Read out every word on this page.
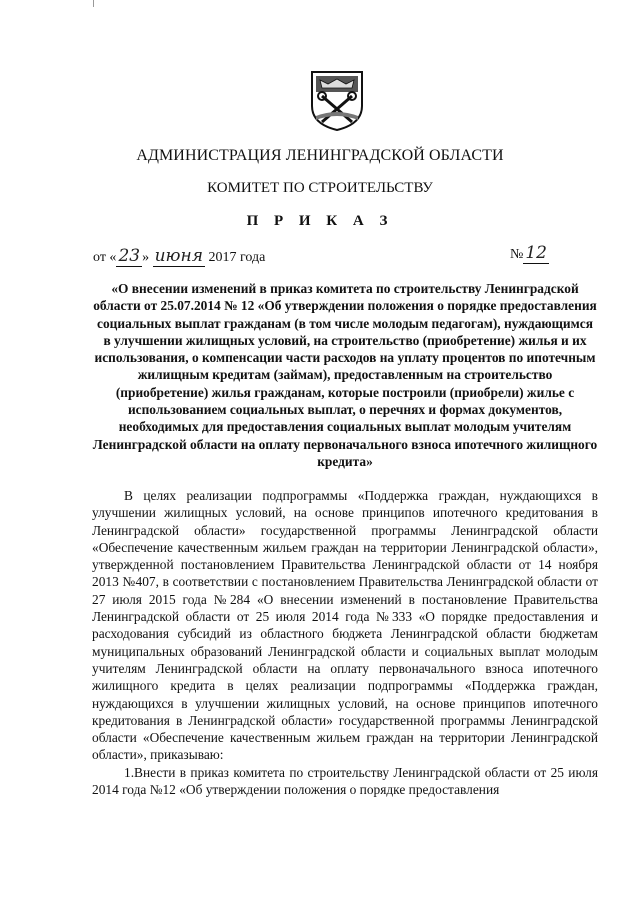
АДМИНИСТРАЦИЯ ЛЕНИНГРАДСКОЙ ОБЛАСТИ
КОМИТЕТ ПО СТРОИТЕЛЬСТВУ
П Р И К А З
от « 23 » июня 2017 года	№ 12
«О внесении изменений в приказ комитета по строительству Ленинградской области от 25.07.2014 № 12 «Об утверждении положения о порядке предоставления социальных выплат гражданам (в том числе молодым педагогам), нуждающимся в улучшении жилищных условий, на строительство (приобретение) жилья и их использования, о компенсации части расходов на уплату процентов по ипотечным жилищным кредитам (займам), предоставленным на строительство (приобретение) жилья гражданам, которые построили (приобрели) жилье с использованием социальных выплат, о перечнях и формах документов, необходимых для предоставления социальных выплат молодым учителям Ленинградской области на оплату первоначального взноса ипотечного жилищного кредита»

В целях реализации подпрограммы «Поддержка граждан, нуждающихся в улучшении жилищных условий, на основе принципов ипотечного кредитования в Ленинградской области» государственной программы Ленинградской области «Обеспечение качественным жильем граждан на территории Ленинградской области», утвержденной постановлением Правительства Ленинградской области от 14 ноября 2013 №407, в соответствии с постановлением Правительства Ленинградской области от 27 июля 2015 года №284 «О внесении изменений в постановление Правительства Ленинградской области от 25 июля 2014 года №333 «О порядке предоставления и расходования субсидий из областного бюджета Ленинградской области бюджетам муниципальных образований Ленинградской области и социальных выплат молодым учителям Ленинградской области на оплату первоначального взноса ипотечного жилищного кредита в целях реализации подпрограммы «Поддержка граждан, нуждающихся в улучшении жилищных условий, на основе принципов ипотечного кредитования в Ленинградской области» государственной программы Ленинградской области «Обеспечение качественным жильем граждан на территории Ленинградской области», приказываю:

1.Внести в приказ комитета по строительству Ленинградской области от 25 июля 2014 года №12 «Об утверждении положения о порядке предоставления
